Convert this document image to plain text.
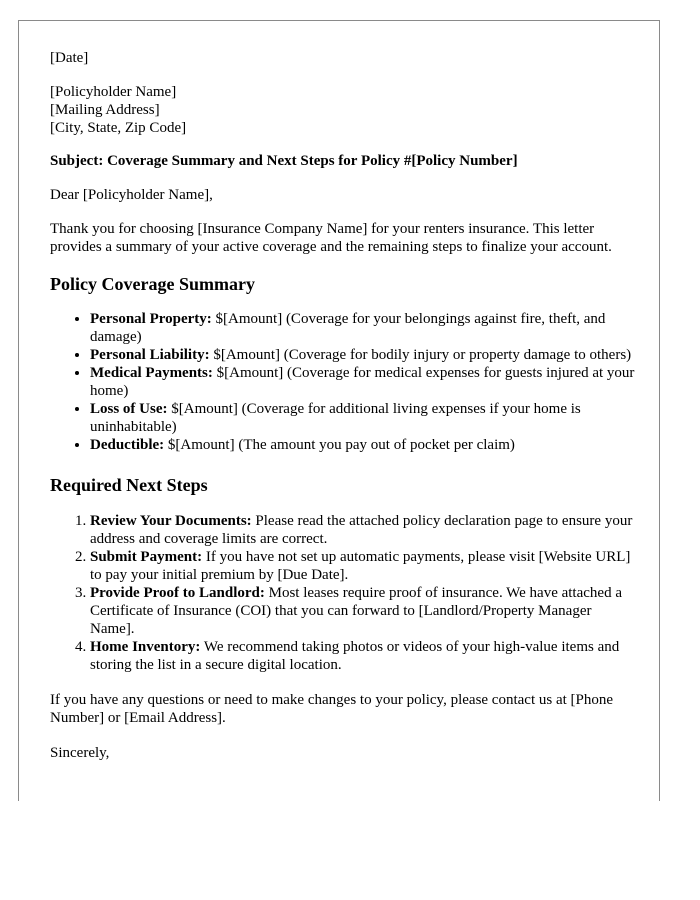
[Date]

[Policyholder Name]
[Mailing Address]
[City, State, Zip Code]

Subject: Coverage Summary and Next Steps for Policy #[Policy Number]

Dear [Policyholder Name],

Thank you for choosing [Insurance Company Name] for your renters insurance. This letter provides a summary of your active coverage and the remaining steps to finalize your account.

Policy Coverage Summary
• Personal Property: $[Amount] (Coverage for your belongings against fire, theft, and damage)
• Personal Liability: $[Amount] (Coverage for bodily injury or property damage to others)
• Medical Payments: $[Amount] (Coverage for medical expenses for guests injured at your home)
• Loss of Use: $[Amount] (Coverage for additional living expenses if your home is uninhabitable)
• Deductible: $[Amount] (The amount you pay out of pocket per claim)
Required Next Steps
1. Review Your Documents: Please read the attached policy declaration page to ensure your address and coverage limits are correct.
2. Submit Payment: If you have not set up automatic payments, please visit [Website URL] to pay your initial premium by [Due Date].
3. Provide Proof to Landlord: Most leases require proof of insurance. We have attached a Certificate of Insurance (COI) that you can forward to [Landlord/Property Manager Name].
4. Home Inventory: We recommend taking photos or videos of your high-value items and storing the list in a secure digital location.

If you have any questions or need to make changes to your policy, please contact us at [Phone Number] or [Email Address].

Sincerely,
